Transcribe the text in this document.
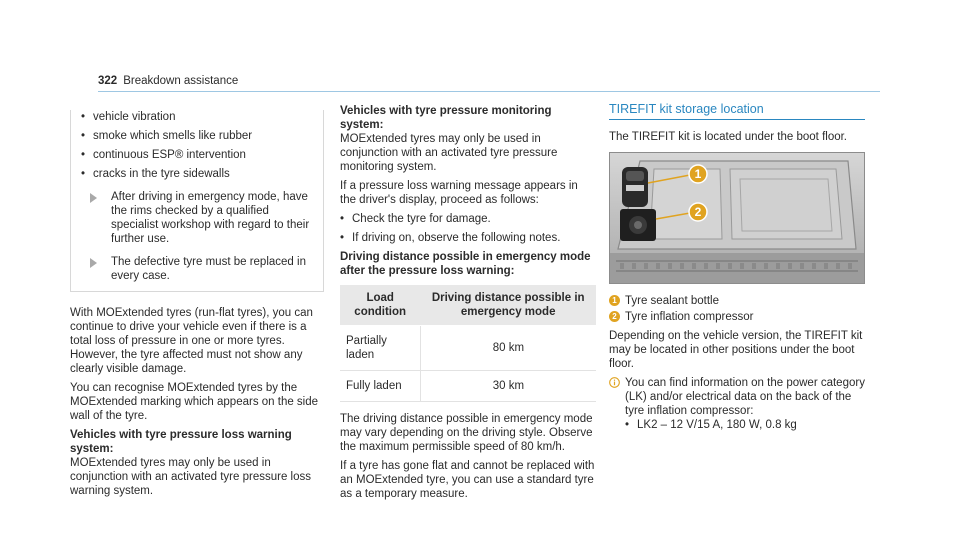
322 Breakdown assistance
• vehicle vibration
• smoke which smells like rubber
• continuous ESP® intervention
• cracks in the tyre sidewalls
After driving in emergency mode, have the rims checked by a qualified specialist workshop with regard to their further use.
The defective tyre must be replaced in every case.

With MOExtended tyres (run-flat tyres), you can continue to drive your vehicle even if there is a total loss of pressure in one or more tyres. However, the tyre affected must not show any clearly visible damage.

You can recognise MOExtended tyres by the MOExtended marking which appears on the side wall of the tyre.

Vehicles with tyre pressure loss warning system:

MOExtended tyres may only be used in conjunction with an activated tyre pressure loss warning system.

Vehicles with tyre pressure monitoring system:

MOExtended tyres may only be used in conjunction with an activated tyre pressure monitoring system.

If a pressure loss warning message appears in the driver's display, proceed as follows:

• Check the tyre for damage.
• If driving on, observe the following notes.
Driving distance possible in emergency mode after the pressure loss warning:
Load condition	Driving distance possible in emergency mode
Partially laden	80 km
Fully laden	30 km

The driving distance possible in emergency mode may vary depending on the driving style. Observe the maximum permissible speed of 80 km/h.

If a tyre has gone flat and cannot be replaced with an MOExtended tyre, you can use a standard tyre as a temporary measure.

TIREFIT kit storage location

The TIREFIT kit is located under the boot floor.

1
2
1 Tyre sealant bottle
2 Tyre inflation compressor

Depending on the vehicle version, the TIREFIT kit may be located in other positions under the boot floor.

You can find information on the power category (LK) and/or electrical data on the back of the tyre inflation compressor:
• LK2 – 12 V/15 A, 180 W, 0.8 kg
